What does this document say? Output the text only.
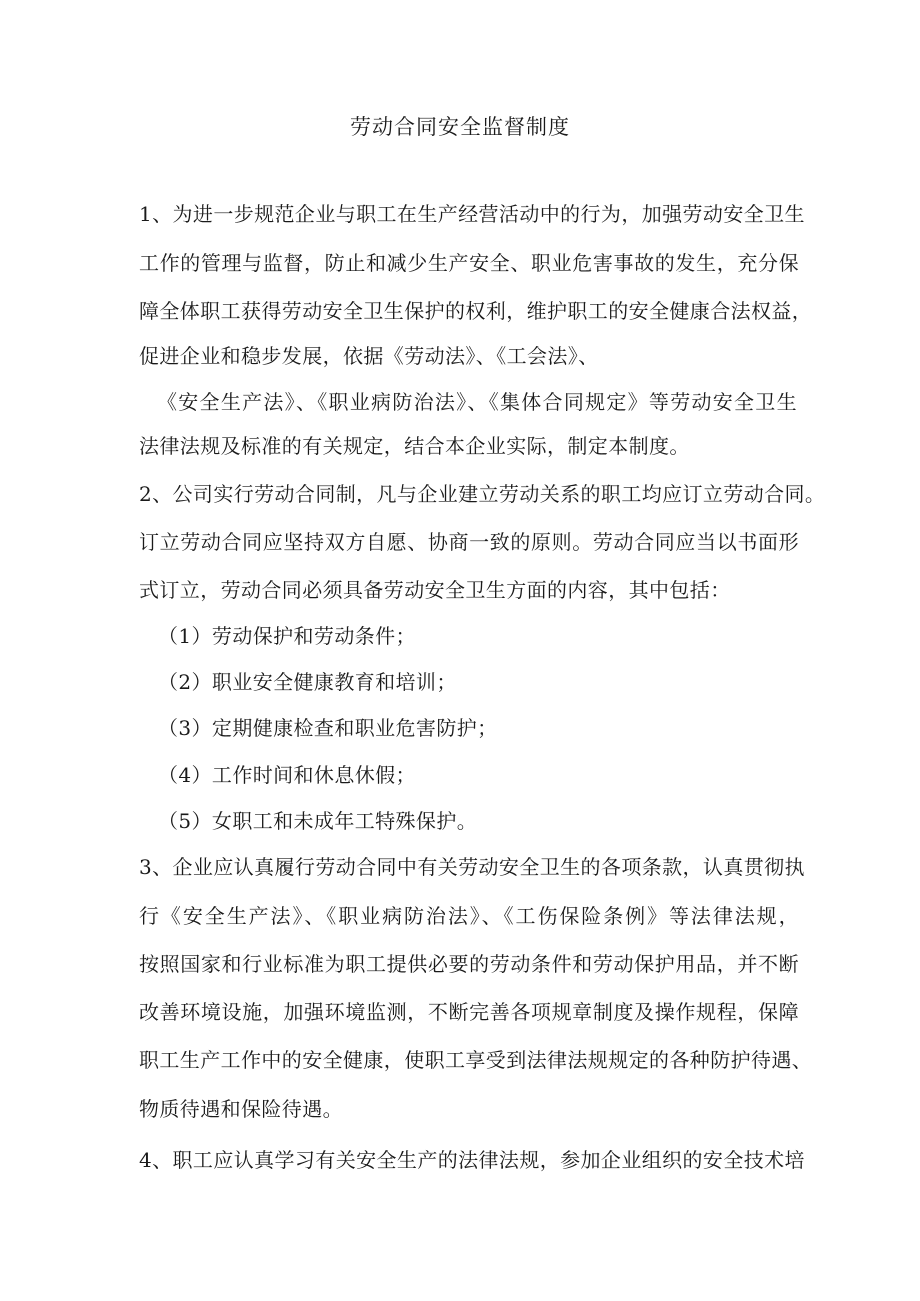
劳动合同安全监督制度
1、为进一步规范企业与职工在生产经营活动中的行为，加强劳动安全卫生
工作的管理与监督，防止和减少生产安全、职业危害事故的发生，充分保
障全体职工获得劳动安全卫生保护的权利，维护职工的安全健康合法权益，
促进企业和稳步发展，依据《劳动法》、《工会法》、
《安全生产法》、《职业病防治法》、《集体合同规定》等劳动安全卫生
法律法规及标准的有关规定，结合本企业实际，制定本制度。
2、公司实行劳动合同制，凡与企业建立劳动关系的职工均应订立劳动合同。
订立劳动合同应坚持双方自愿、协商一致的原则。劳动合同应当以书面形
式订立，劳动合同必须具备劳动安全卫生方面的内容，其中包括：
（1）劳动保护和劳动条件；
（2）职业安全健康教育和培训；
（3）定期健康检查和职业危害防护；
（4）工作时间和休息休假；
（5）女职工和未成年工特殊保护。
3、企业应认真履行劳动合同中有关劳动安全卫生的各项条款，认真贯彻执
行《安全生产法》、《职业病防治法》、《工伤保险条例》等法律法规，
按照国家和行业标准为职工提供必要的劳动条件和劳动保护用品，并不断
改善环境设施，加强环境监测，不断完善各项规章制度及操作规程，保障
职工生产工作中的安全健康，使职工享受到法律法规规定的各种防护待遇、
物质待遇和保险待遇。
4、职工应认真学习有关安全生产的法律法规，参加企业组织的安全技术培
